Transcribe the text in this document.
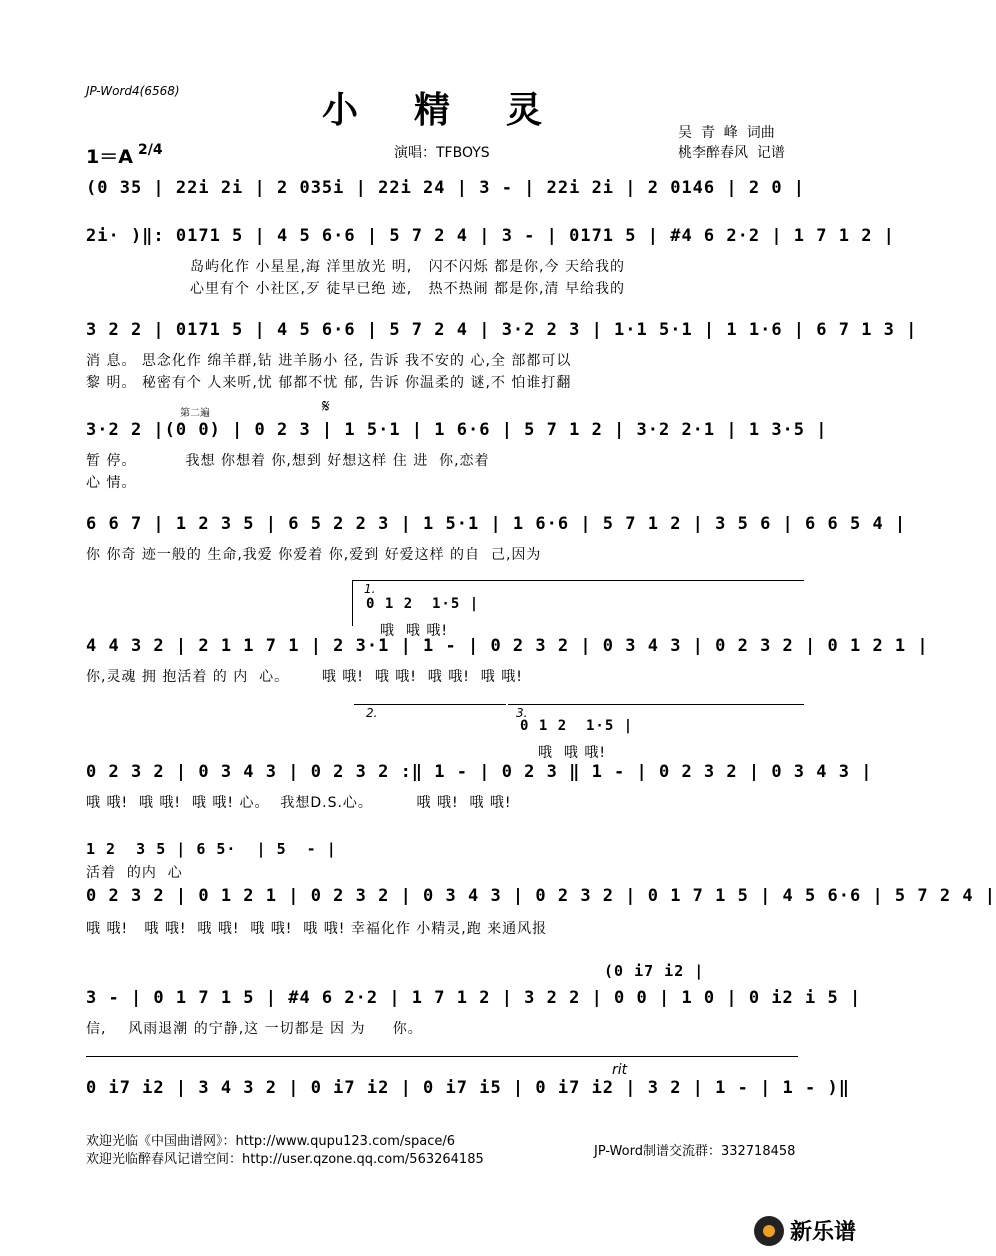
JP-Word4(6568)	小精灵
吴  青  峰  词曲
桃李醉春风  记谱
1＝A 2/4	演唱：TFBOYS
(0 35 | 22i 2i | 2 035i | 22i 24 | 3 - | 22i 2i | 2 0146 | 2 0 |
2i· )‖: 0171 5 | 4 5 6·6 | 5 7 2 4 | 3 - | 0171 5 | #4 6 2·2 | 1 7 1 2 |
岛屿化作 小星星,海 洋里放光 明,   闪不闪烁 都是你,今 天给我的
心里有个 小社区,歹 徒早已绝 迹,   热不热闹 都是你,清 早给我的
3 2 2 | 0171 5 | 4 5 6·6 | 5 7 2 4 | 3·2 2 3 | 1·1 5·1 | 1 1·6 | 6 7 1 3 |
消 息。 思念化作 绵羊群,钻 进羊肠小 径, 告诉 我不安的 心,全 部都可以
黎 明。 秘密有个 人来听,忧 郁都不忧 郁, 告诉 你温柔的 谜,不 怕谁打翻
第二遍	𝄋
3·2 2 |(0 0) | 0 2 3 | 1 5·1 | 1 6·6 | 5 7 1 2 | 3·2 2·1 | 1 3·5 |
暂 停。         我想 你想着 你,想到 好想这样 住 进  你,恋着
心 情。
6 6 7 | 1 2 3 5 | 6 5 2 2 3 | 1 5·1 | 1 6·6 | 5 7 1 2 | 3 5 6 | 6 6 5 4 |
你 你奇 迹一般的 生命,我爱 你爱着 你,爱到 好爱这样 的自  己,因为
1.
0 1 2  1·5 |
哦  哦 哦!
4 4 3 2 | 2 1 1 7 1 | 2 3·1 | 1 - | 0 2 3 2 | 0 3 4 3 | 0 2 3 2 | 0 1 2 1 |
你,灵魂 拥 抱活着 的 内  心。      哦 哦!  哦 哦!  哦 哦!  哦 哦!
2.	3.
0 1 2  1·5 |
哦  哦 哦!
0 2 3 2 | 0 3 4 3 | 0 2 3 2 :‖ 1 - | 0 2 3 ‖ 1 - | 0 2 3 2 | 0 3 4 3 |
哦 哦!  哦 哦!  哦 哦! 心。  我想D.S.心。        哦 哦!  哦 哦!
1 2  3 5 | 6 5·  | 5  - |
活着  的内  心
0 2 3 2 | 0 1 2 1 | 0 2 3 2 | 0 3 4 3 | 0 2 3 2 | 0 1 7 1 5 | 4 5 6·6 | 5 7 2 4 |
哦 哦!   哦 哦!  哦 哦!  哦 哦!  哦 哦! 幸福化作 小精灵,跑 来通风报
(0 i7 i2 |
3 - | 0 1 7 1 5 | #4 6 2·2 | 1 7 1 2 | 3 2 2 | 0 0 | 1 0 | 0 i2 i 5 |
信,    风雨退潮 的宁静,这 一切都是 因 为     你。
rit
0 i7 i2 | 3 4 3 2 | 0 i7 i2 | 0 i7 i5 | 0 i7 i2 | 3 2 | 1 - | 1 - )‖
欢迎光临《中国曲谱网》：http://www.qupu123.com/space/6
欢迎光临醉春风记谱空间：http://user.qzone.qq.com/563264185
JP-Word制谱交流群：332718458
新乐谱
